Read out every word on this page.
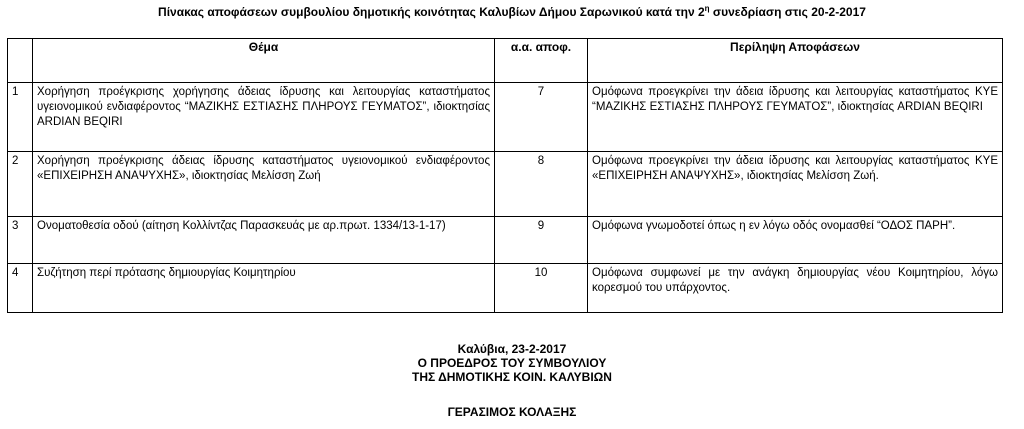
Πίνακας αποφάσεων συμβουλίου δημοτικής κοινότητας Καλυβίων Δήμου Σαρωνικού κατά την $2^\eta$ συνεδρίαση στις 20-2-2017
	Θέμα	α.α. αποφ.	Περίληψη Αποφάσεων
1	Χορήγηση προέγκρισης χορήγησης άδειας ίδρυσης και λειτουργίας καταστήματος υγειονομικού ενδιαφέροντος “ΜΑΖΙΚΗΣ ΕΣΤΙΑΣΗΣ ΠΛΗΡΟΥΣ ΓΕΥΜΑΤΟΣ”, ιδιοκτησίας ARDIAN BEQIRI	7	Ομόφωνα προεγκρίνει την άδεια ίδρυσης και λειτουργίας καταστήματος ΚΥΕ “ΜΑΖΙΚΗΣ ΕΣΤΙΑΣΗΣ ΠΛΗΡΟΥΣ ΓΕΥΜΑΤΟΣ”, ιδιοκτησίας ARDIAN BEQIRI
2	Χορήγηση προέγκρισης άδειας ίδρυσης καταστήματος υγειονομικού ενδιαφέροντος «ΕΠΙΧΕΙΡΗΣΗ ΑΝΑΨΥΧΗΣ», ιδιοκτησίας Μελίσση Ζωή	8	Ομόφωνα προεγκρίνει την άδεια ίδρυσης και λειτουργίας καταστήματος ΚΥΕ «ΕΠΙΧΕΙΡΗΣΗ ΑΝΑΨΥΧΗΣ», ιδιοκτησίας Μελίσση Ζωή.
3	Ονοματοθεσία οδού (αίτηση Κολλίντζας Παρασκευάς με αρ.πρωτ. 1334/13-1-17)	9	Ομόφωνα γνωμοδοτεί όπως η εν λόγω οδός ονομασθεί “ΟΔΟΣ ΠΑΡΗ”.
4	Συζήτηση περί πρότασης δημιουργίας Κοιμητηρίου	10	Ομόφωνα συμφωνεί με την ανάγκη δημιουργίας νέου Κοιμητηρίου, λόγω κορεσμού του υπάρχοντος.
Καλύβια, 23-2-2017
Ο ΠΡΟΕΔΡΟΣ ΤΟΥ ΣΥΜΒΟΥΛΙΟΥ
ΤΗΣ ΔΗΜΟΤΙΚΗΣ ΚΟΙΝ. ΚΑΛΥΒΙΩΝ
ΓΕΡΑΣΙΜΟΣ ΚΟΛΑΞΗΣ
